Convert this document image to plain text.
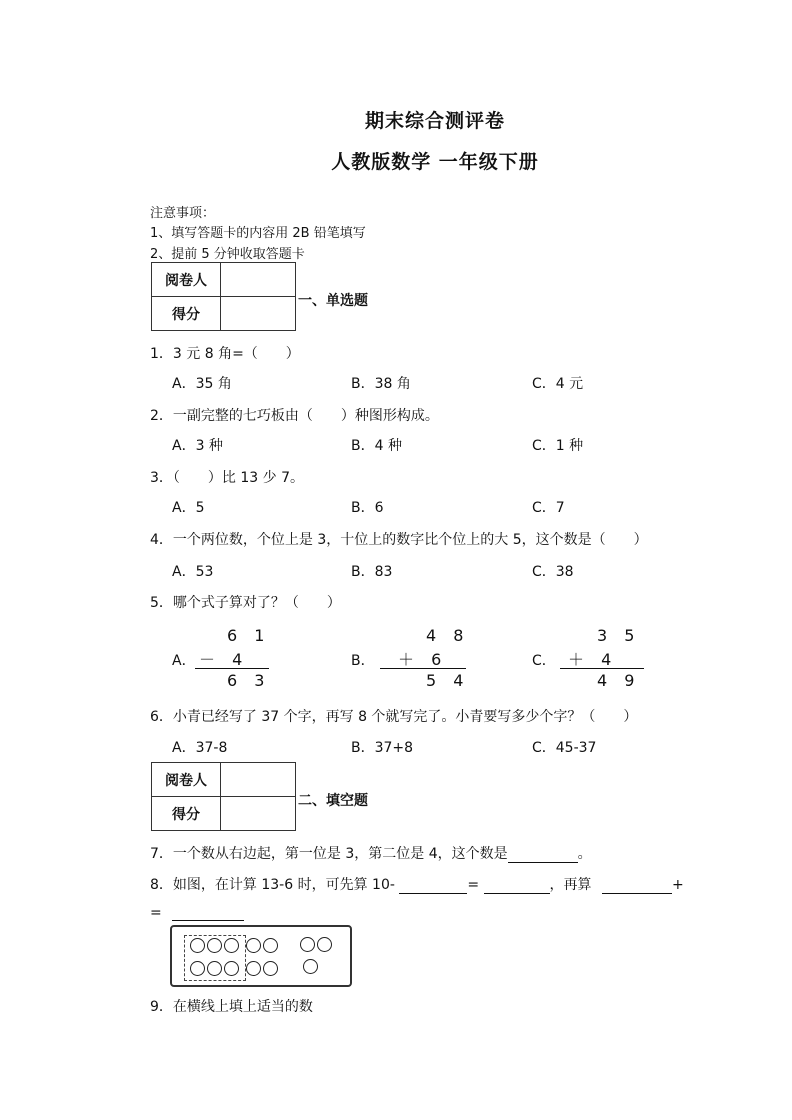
期末综合测评卷
人教版数学 一年级下册
注意事项：
1、填写答题卡的内容用 2B 铅笔填写
2、提前 5 分钟收取答题卡
阅卷人	
得分	
一、单选题
1．3 元 8 角=（　　）
A．35 角	B．38 角	C．4 元
2．一副完整的七巧板由（　　）种图形构成。
A．3 种	B．4 种	C．1 种
3．（　　）比 13 少 7。
A．5	B．6	C．7
4．一个两位数，个位上是 3，十位上的数字比个位上的大 5，这个数是（　　）
A．53	B．83	C．38
5．哪个式子算对了？（　　）
A．	B．	C．
6 1
－ 4
6 3
4 8
＋ 6
5 4
3 5
＋ 4
4 9
6．小青已经写了 37 个字，再写 8 个就写完了。小青要写多少个字？（　　）
A．37-8	B．37+8	C．45-37
阅卷人	
得分	
二、填空题
7．一个数从右边起，第一位是 3，第二位是 4，这个数是	。
8．如图，在计算 13-6 时，可先算 10-	=	，再算	+
=
9．在横线上填上适当的数
